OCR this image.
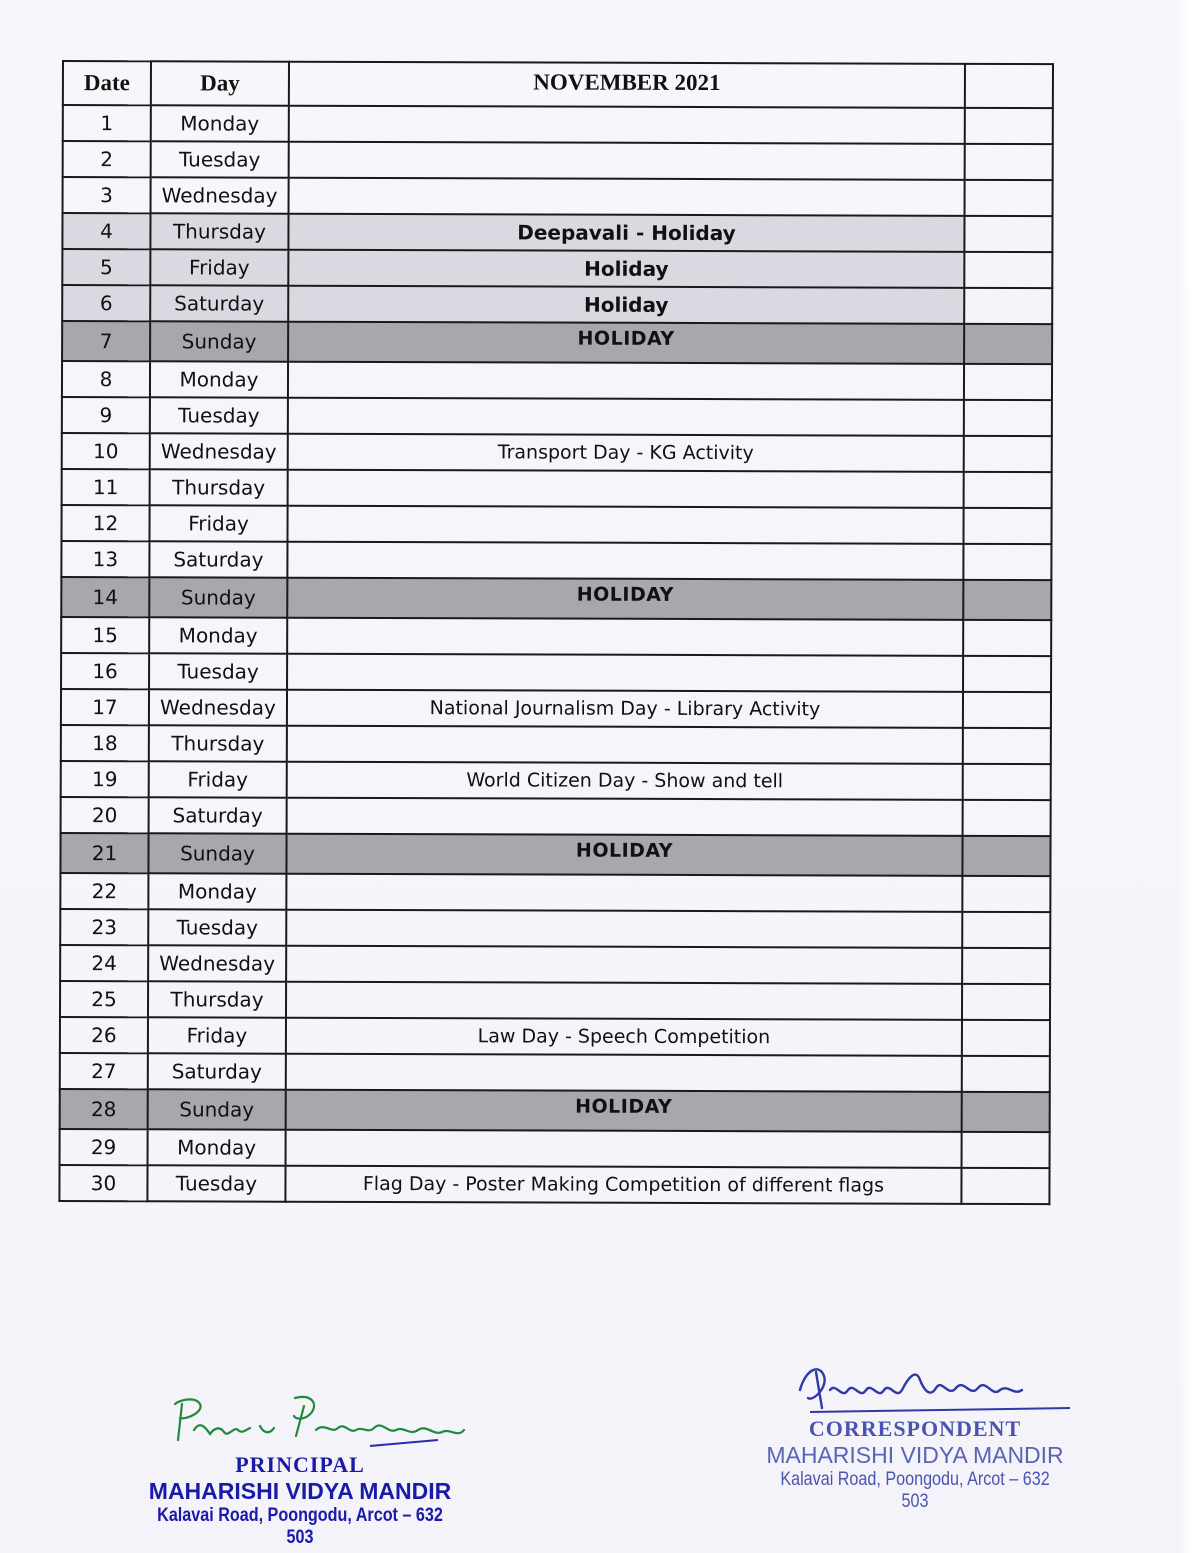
Date	Day	NOVEMBER 2021	
1	Monday		
2	Tuesday		
3	Wednesday		
4	Thursday	Deepavali - Holiday	
5	Friday	Holiday	
6	Saturday	Holiday	
7	Sunday	HOLIDAY	
8	Monday		
9	Tuesday		
10	Wednesday	Transport Day - KG Activity	
11	Thursday		
12	Friday		
13	Saturday		
14	Sunday	HOLIDAY	
15	Monday		
16	Tuesday		
17	Wednesday	National Journalism Day - Library Activity	
18	Thursday		
19	Friday	World Citizen Day - Show and tell	
20	Saturday		
21	Sunday	HOLIDAY	
22	Monday		
23	Tuesday		
24	Wednesday		
25	Thursday		
26	Friday	Law Day - Speech Competition	
27	Saturday		
28	Sunday	HOLIDAY	
29	Monday		
30	Tuesday	Flag Day - Poster Making Competition of different flags	
PRINCIPAL
MAHARISHI VIDYA MANDIR
Kalavai Road, Poongodu, Arcot – 632 503
CORRESPONDENT
MAHARISHI VIDYA MANDIR
Kalavai Road, Poongodu, Arcot – 632 503
